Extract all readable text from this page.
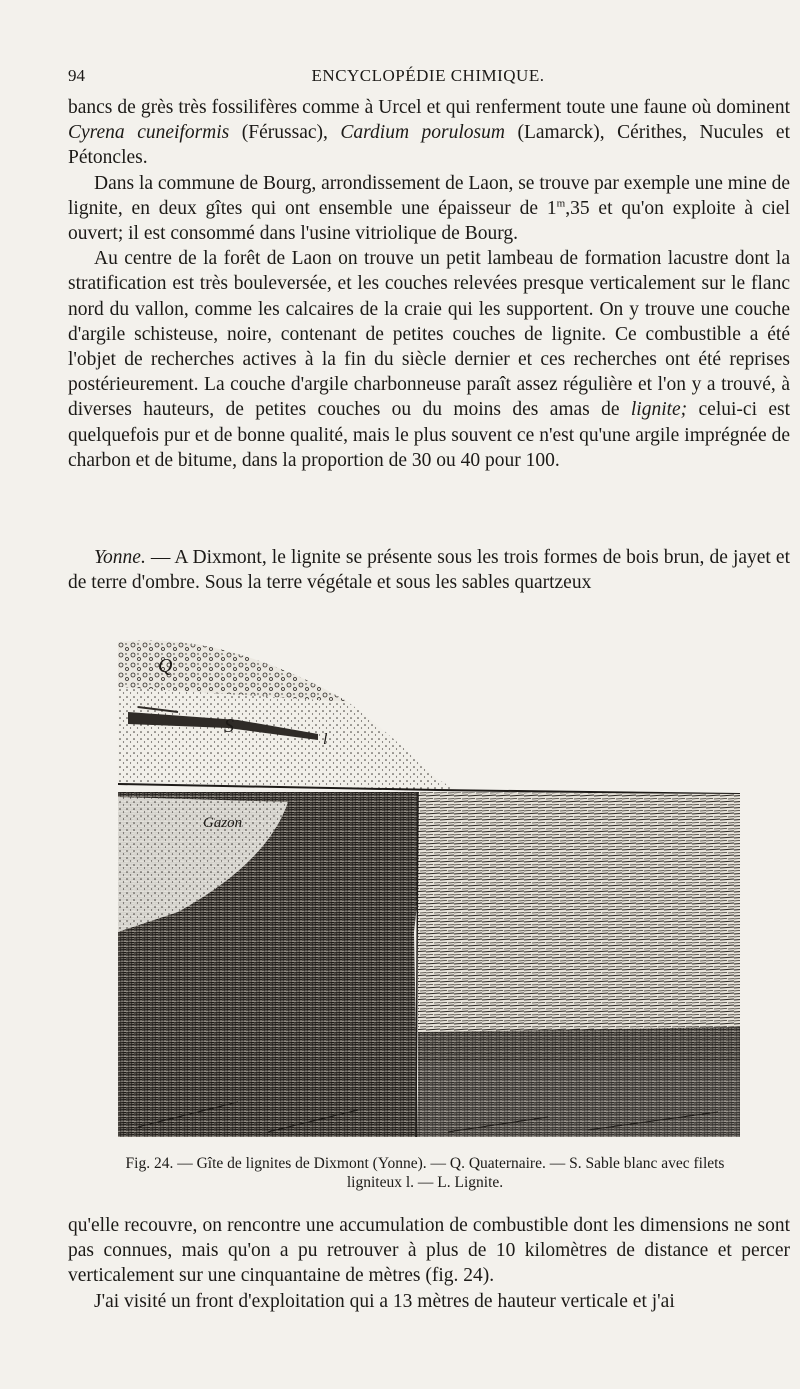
94	ENCYCLOPÉDIE CHIMIQUE.

bancs de grès très fossilifères comme à Urcel et qui renferment toute une faune où dominent Cyrena cuneiformis (Férussac), Cardium porulosum (Lamarck), Cérithes, Nucules et Pétoncles.

Dans la commune de Bourg, arrondissement de Laon, se trouve par exemple une mine de lignite, en deux gîtes qui ont ensemble une épaisseur de 1$^m$,35 et qu'on exploite à ciel ouvert; il est consommé dans l'usine vitriolique de Bourg.

Au centre de la forêt de Laon on trouve un petit lambeau de formation lacustre dont la stratification est très bouleversée, et les couches relevées presque verticalement sur le flanc nord du vallon, comme les calcaires de la craie qui les supportent. On y trouve une couche d'argile schisteuse, noire, contenant de petites couches de lignite. Ce combustible a été l'objet de recherches actives à la fin du siècle dernier et ces recherches ont été reprises postérieurement. La couche d'argile charbonneuse paraît assez régulière et l'on y a trouvé, à diverses hauteurs, de petites couches ou du moins des amas de lignite; celui-ci est quelquefois pur et de bonne qualité, mais le plus souvent ce n'est qu'une argile imprégnée de charbon et de bitume, dans la proportion de 30 ou 40 pour 100.

Yonne. — A Dixmont, le lignite se présente sous les trois formes de bois brun, de jayet et de terre d'ombre. Sous la terre végétale et sous les sables quartzeux

Q
S
l
Gazon
Fig. 24. — Gîte de lignites de Dixmont (Yonne). — Q. Quaternaire. — S. Sable blanc avec filets
ligniteux l. — L. Lignite.

qu'elle recouvre, on rencontre une accumulation de combustible dont les dimensions ne sont pas connues, mais qu'on a pu retrouver à plus de 10 kilomètres de distance et percer verticalement sur une cinquantaine de mètres (fig. 24).

J'ai visité un front d'exploitation qui a 13 mètres de hauteur verticale et j'ai
